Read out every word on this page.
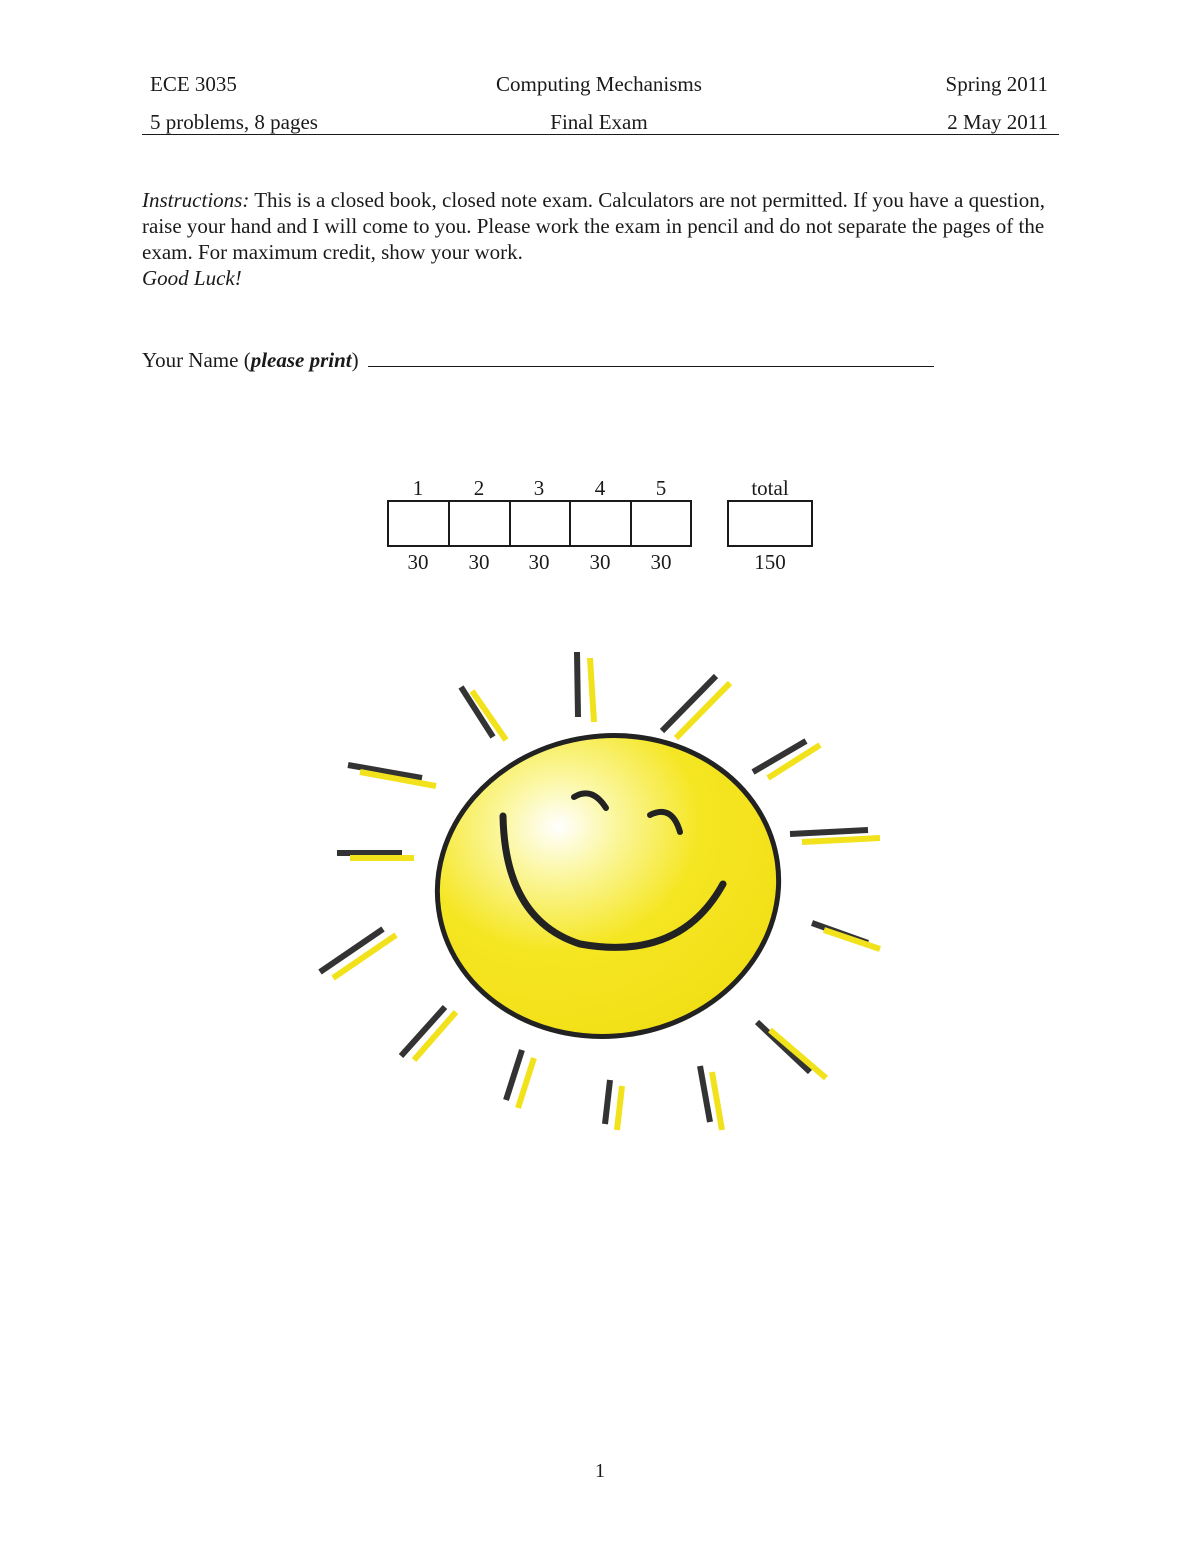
ECE 3035	Computing Mechanisms	Spring 2011
5 problems, 8 pages	Final Exam	2 May 2011
Instructions: This is a closed book, closed note exam. Calculators are not permitted. If you have a question, raise your hand and I will come to you. Please work the exam in pencil and do not separate the pages of the exam. For maximum credit, show your work.
Good Luck!
Your Name (please print)
1	2	3	4	5	total
30	30	30	30	30	150
1
